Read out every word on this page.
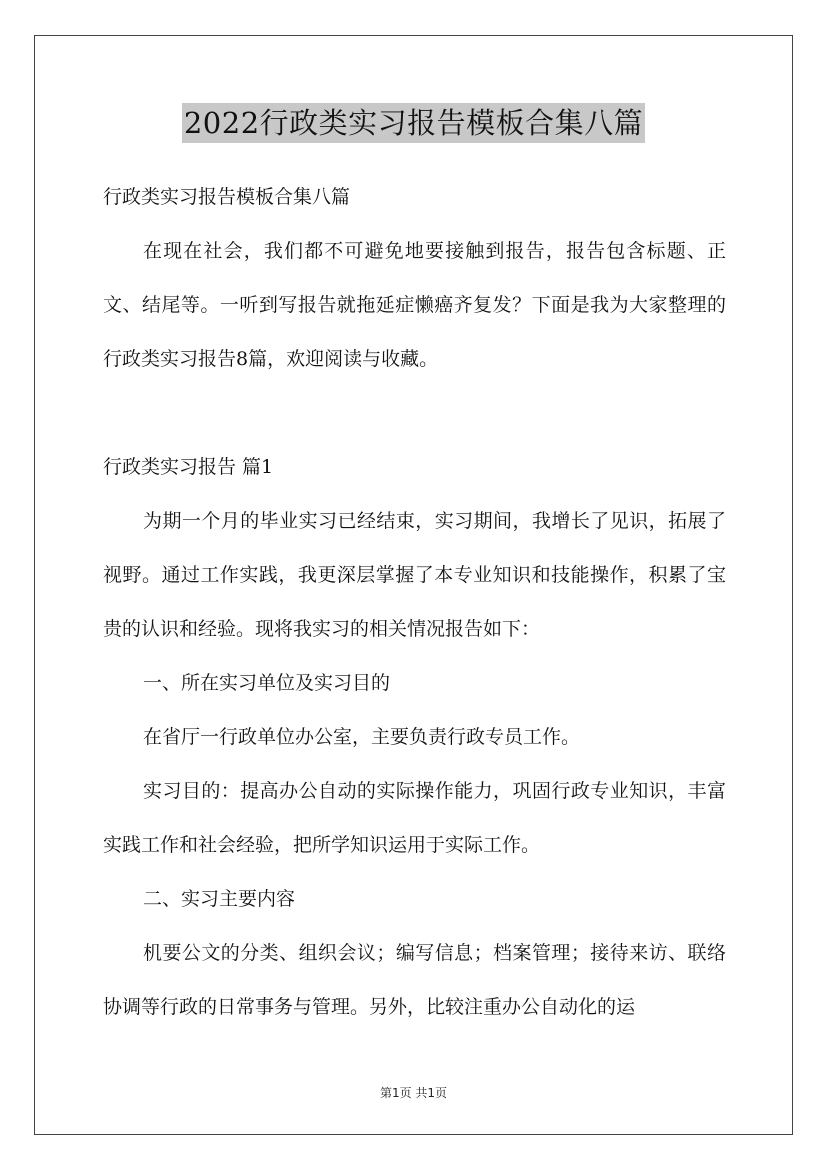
2022行政类实习报告模板合集八篇

行政类实习报告模板合集八篇

在现在社会，我们都不可避免地要接触到报告，报告包含标题、正文、结尾等。一听到写报告就拖延症懒癌齐复发？下面是我为大家整理的行政类实习报告8篇，欢迎阅读与收藏。

行政类实习报告 篇1

为期一个月的毕业实习已经结束，实习期间，我增长了见识，拓展了视野。通过工作实践，我更深层掌握了本专业知识和技能操作，积累了宝贵的认识和经验。现将我实习的相关情况报告如下：

一、所在实习单位及实习目的

在省厅一行政单位办公室，主要负责行政专员工作。

实习目的：提高办公自动的实际操作能力，巩固行政专业知识，丰富实践工作和社会经验，把所学知识运用于实际工作。

二、实习主要内容

机要公文的分类、组织会议；编写信息；档案管理；接待来访、联络协调等行政的日常事务与管理。另外，比较注重办公自动化的运

第1页 共1页
